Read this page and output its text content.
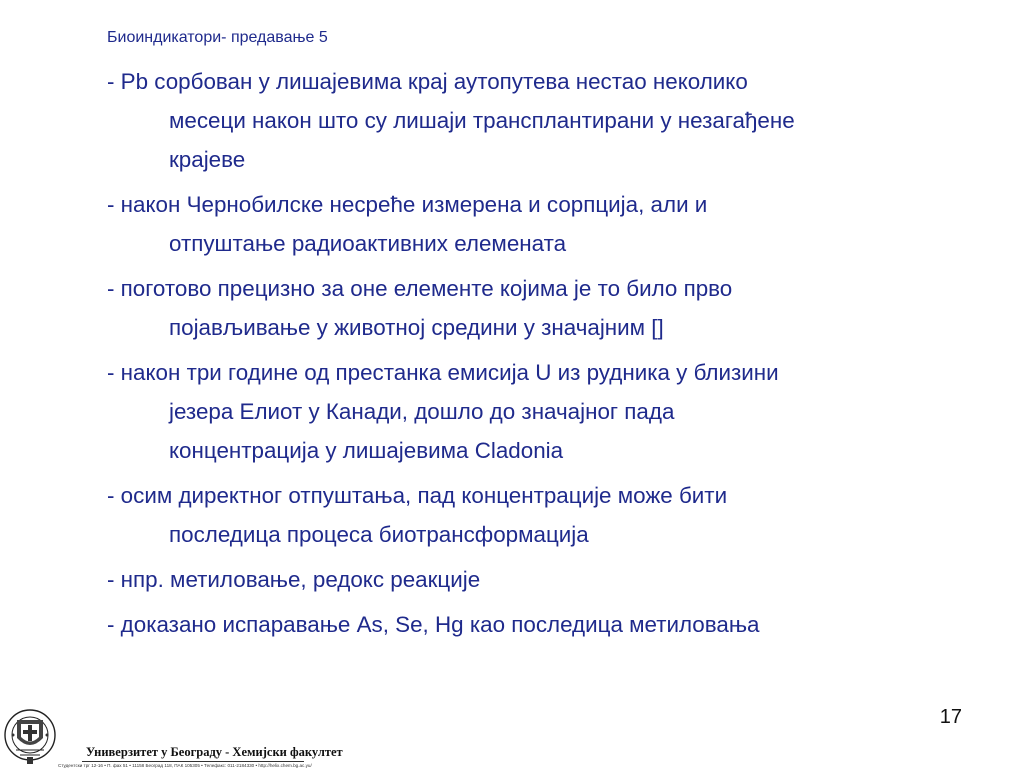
Биоиндикатори- предавање 5
- Pb сорбован у лишајевима крај аутопутева нестао неколико
месеци након што су лишаји трансплантирани у незагађене
крајеве
- након Чернобилске несреће измерена и сорпција, али и
отпуштање радиоактивних елемената
- поготово прецизно за оне елементе којима је то било прво
појављивање у животној средини у значајним []
- након три године од престанка емисија U из рудника у близини
језера Елиот у Канади, дошло до значајног пада
концентрација у лишајевима Cladonia
- осим директног отпуштања, пад концентрације може бити
последица процеса биотрансформација
- нпр. метиловање, редокс реакције
- доказано испаравање As, Se, Hg као последица метиловања
17
Универзитет у Београду - Хемијски факултет
Студентски трг 12-16 • П. фах 51 • 11158 Београд 118, ПАК 105305 • Телефакс: 011-2184330 • http://helix.chem.bg.ac.yu/
